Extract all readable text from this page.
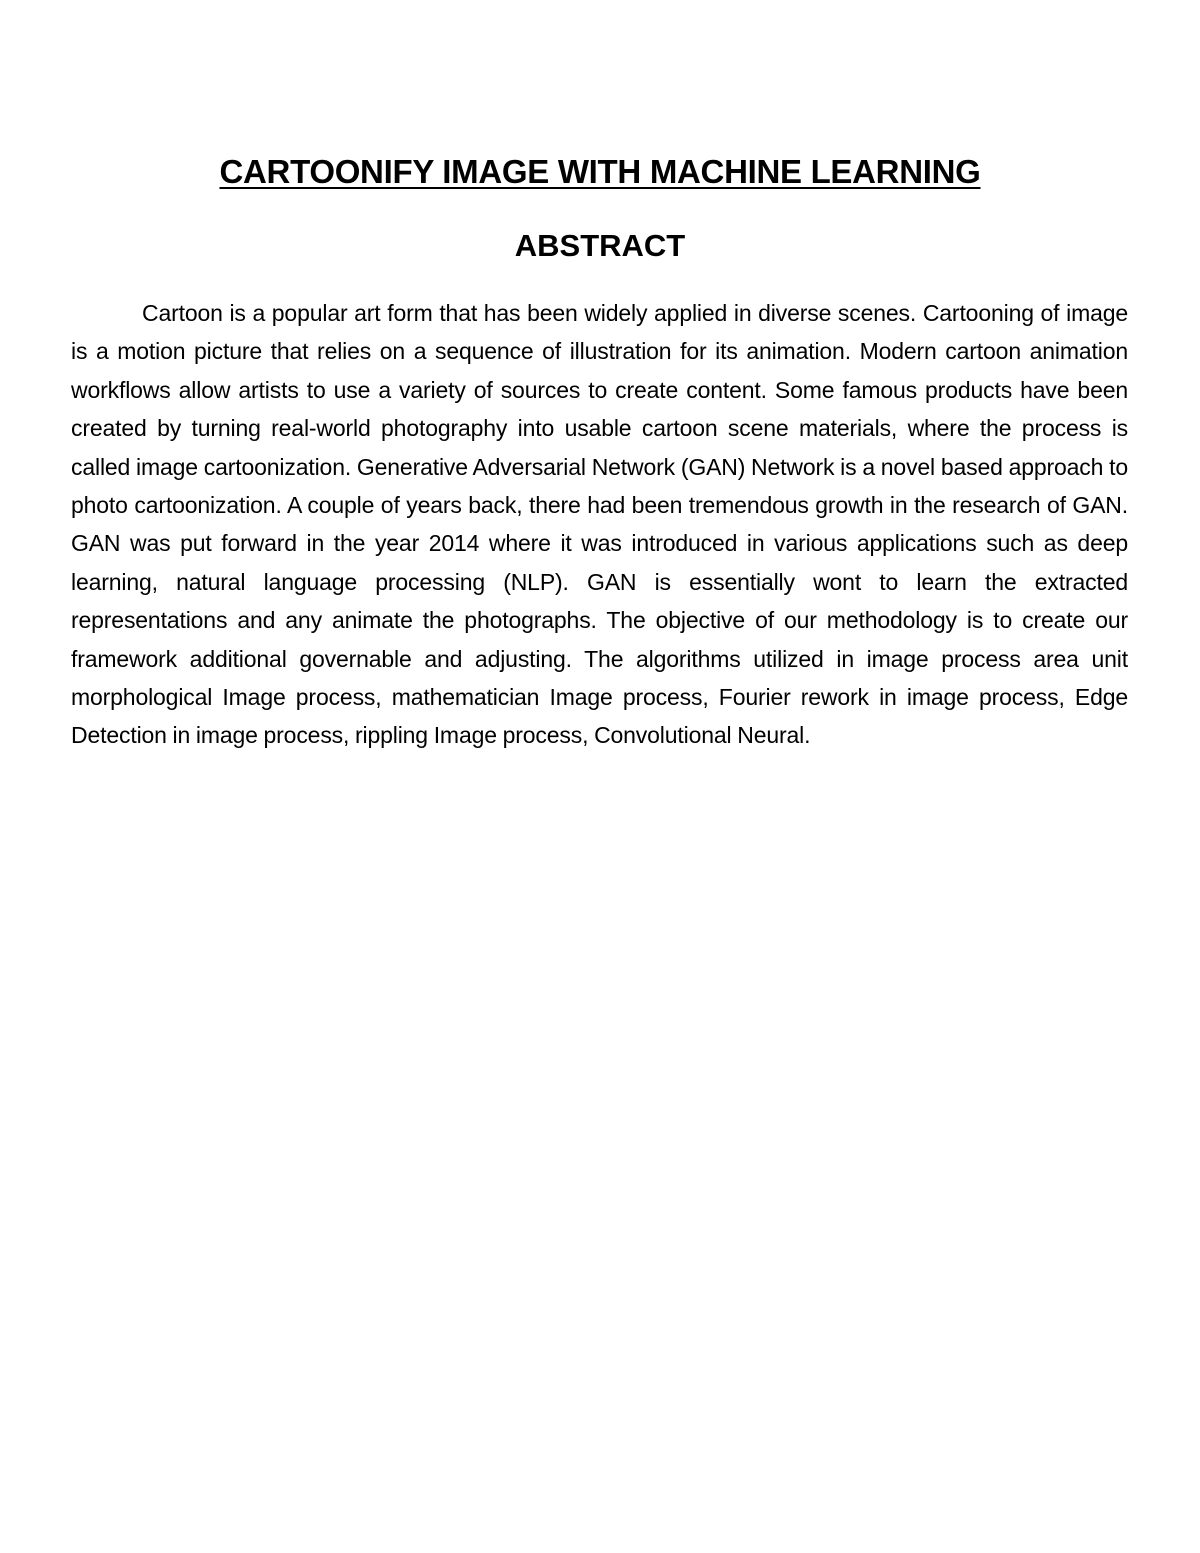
CARTOONIFY IMAGE WITH MACHINE LEARNING
ABSTRACT

Cartoon is a popular art form that has been widely applied in diverse scenes. Cartooning of image is a motion picture that relies on a sequence of illustration for its animation. Modern cartoon animation workflows allow artists to use a variety of sources to create content. Some famous products have been created by turning real-world photography into usable cartoon scene materials, where the process is called image cartoonization. Generative Adversarial Network (GAN) Network is a novel based approach to photo cartoonization. A couple of years back, there had been tremendous growth in the research of GAN. GAN was put forward in the year 2014 where it was introduced in various applications such as deep learning, natural language processing (NLP). GAN is essentially wont to learn the extracted representations and any animate the photographs. The objective of our methodology is to create our framework additional governable and adjusting. The algorithms utilized in image process area unit morphological Image process, mathematician Image process, Fourier rework in image process, Edge Detection in image process, rippling Image process, Convolutional Neural.
